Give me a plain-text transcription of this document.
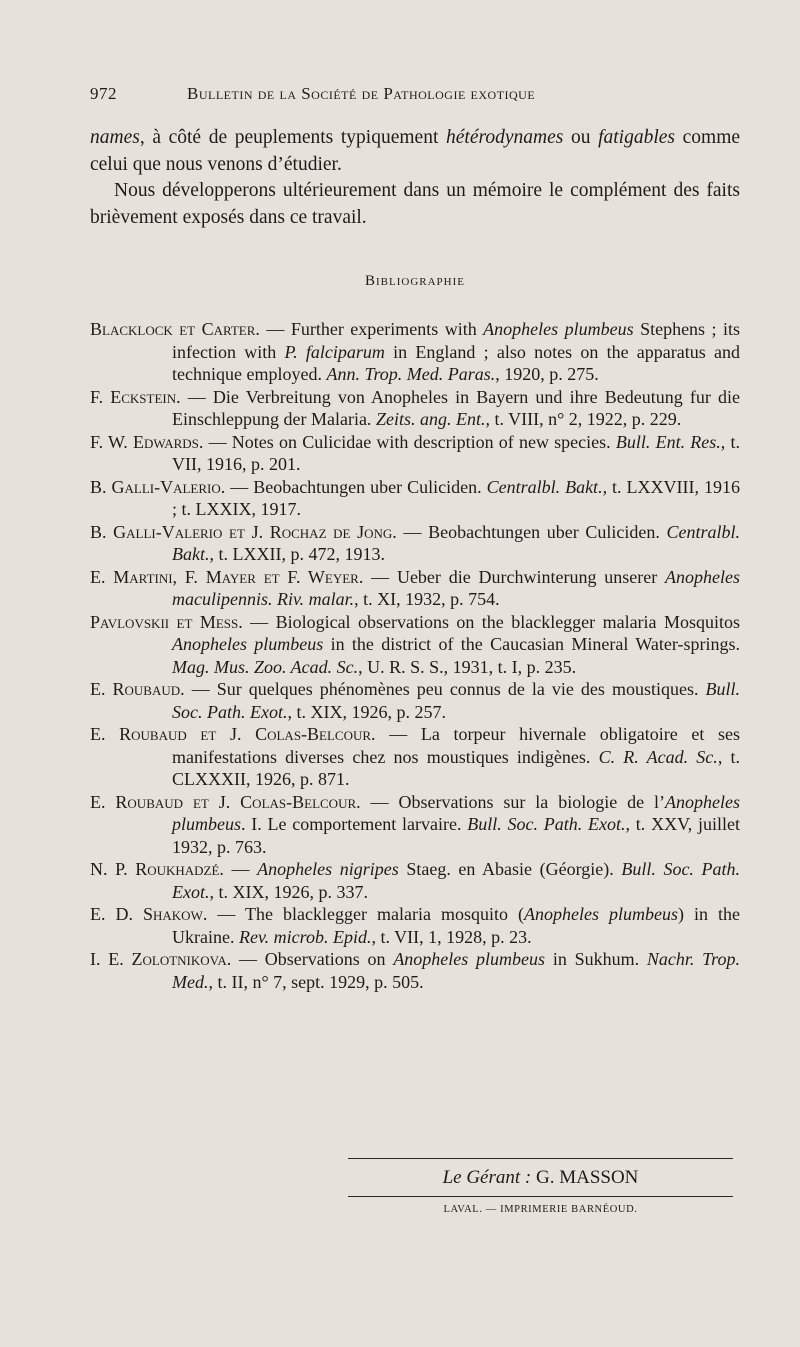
972	Bulletin de la Société de Pathologie exotique

names, à côté de peuplements typiquement hétérodynames ou fatigables comme celui que nous venons d’étudier.

Nous développerons ultérieurement dans un mémoire le complément des faits brièvement exposés dans ce travail.

Bibliographie

Blacklock et Carter. — Further experiments with Anopheles plumbeus Stephens ; its infection with P. falciparum in England ; also notes on the apparatus and technique employed. Ann. Trop. Med. Paras., 1920, p. 275.

F. Eckstein. — Die Verbreitung von Anopheles in Bayern und ihre Bedeutung fur die Einschleppung der Malaria. Zeits. ang. Ent., t. VIII, n° 2, 1922, p. 229.

F. W. Edwards. — Notes on Culicidae with description of new species. Bull. Ent. Res., t. VII, 1916, p. 201.

B. Galli-Valerio. — Beobachtungen uber Culiciden. Centralbl. Bakt., t. LXXVIII, 1916 ; t. LXXIX, 1917.

B. Galli-Valerio et J. Rochaz de Jong. — Beobachtungen uber Culiciden. Centralbl. Bakt., t. LXXII, p. 472, 1913.

E. Martini, F. Mayer et F. Weyer. — Ueber die Durchwinterung unserer Anopheles maculipennis. Riv. malar., t. XI, 1932, p. 754.

Pavlovskii et Mess. — Biological observations on the blacklegger malaria Mosquitos Anopheles plumbeus in the district of the Caucasian Mineral Water-springs. Mag. Mus. Zoo. Acad. Sc., U. R. S. S., 1931, t. I, p. 235.

E. Roubaud. — Sur quelques phénomènes peu connus de la vie des moustiques. Bull. Soc. Path. Exot., t. XIX, 1926, p. 257.

E. Roubaud et J. Colas-Belcour. — La torpeur hivernale obligatoire et ses manifestations diverses chez nos moustiques indigènes. C. R. Acad. Sc., t. CLXXXII, 1926, p. 871.

E. Roubaud et J. Colas-Belcour. — Observations sur la biologie de l’Anopheles plumbeus. I. Le comportement larvaire. Bull. Soc. Path. Exot., t. XXV, juillet 1932, p. 763.

N. P. Roukhadzé. — Anopheles nigripes Staeg. en Abasie (Géorgie). Bull. Soc. Path. Exot., t. XIX, 1926, p. 337.

E. D. Shakow. — The blacklegger malaria mosquito (Anopheles plumbeus) in the Ukraine. Rev. microb. Epid., t. VII, 1, 1928, p. 23.

I. E. Zolotnikova. — Observations on Anopheles plumbeus in Sukhum. Nachr. Trop. Med., t. II, n° 7, sept. 1929, p. 505.

Le Gérant : G. MASSON
LAVAL. — IMPRIMERIE BARNÉOUD.
